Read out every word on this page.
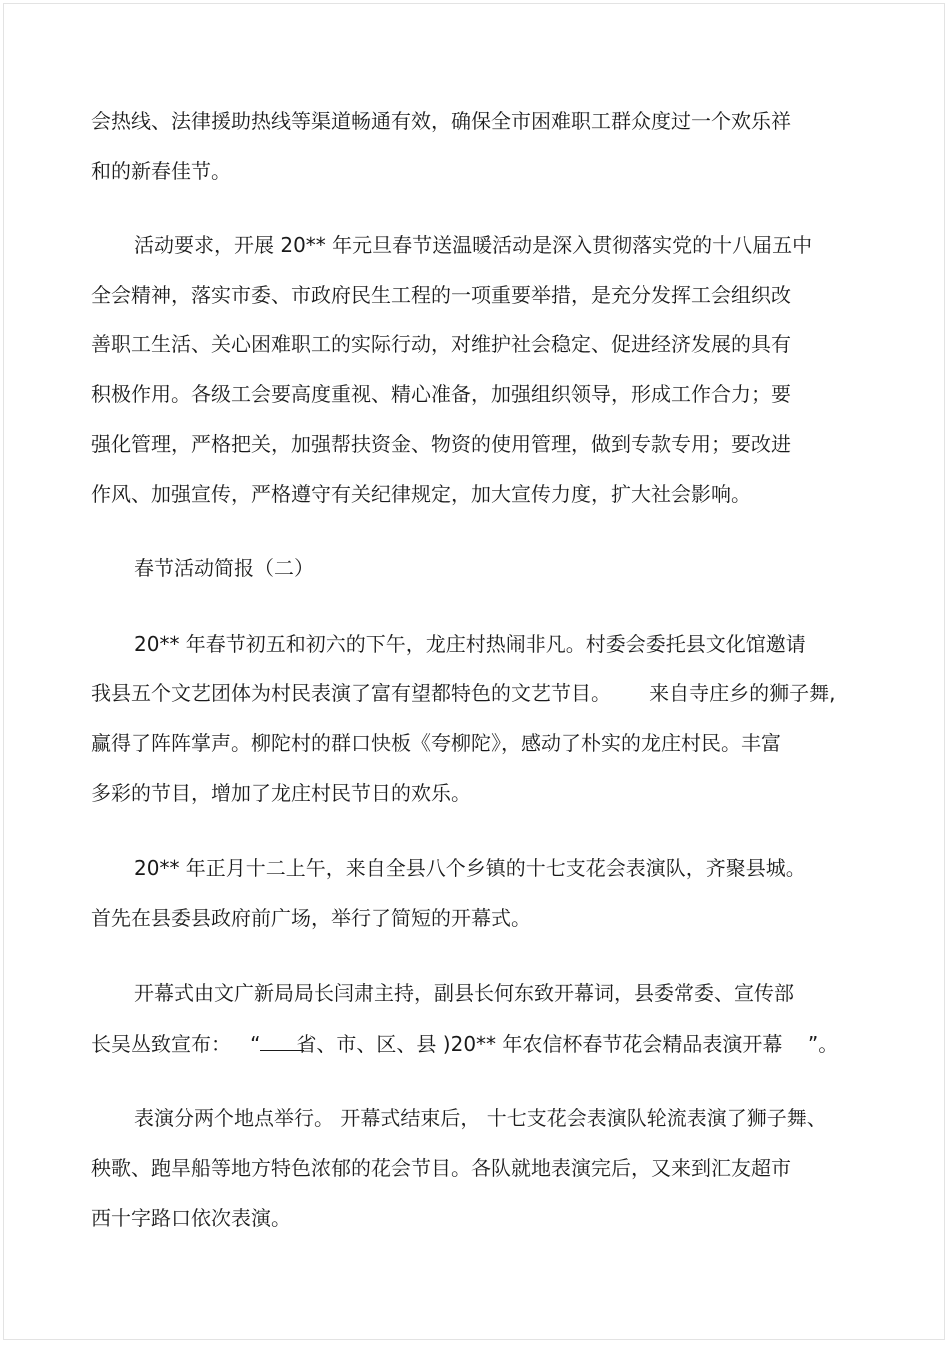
会热线、法律援助热线等渠道畅通有效，确保全市困难职工群众度过一个欢乐祥

和的新春佳节。

活动要求，开展 20** 年元旦春节送温暖活动是深入贯彻落实党的十八届五中

全会精神，落实市委、市政府民生工程的一项重要举措，是充分发挥工会组织改

善职工生活、关心困难职工的实际行动，对维护社会稳定、促进经济发展的具有

积极作用。各级工会要高度重视、精心准备，加强组织领导，形成工作合力；要

强化管理，严格把关，加强帮扶资金、物资的使用管理，做到专款专用；要改进

作风、加强宣传，严格遵守有关纪律规定，加大宣传力度，扩大社会影响。

春节活动简报（二）

20** 年春节初五和初六的下午，龙庄村热闹非凡。村委会委托县文化馆邀请

我县五个文艺团体为村民表演了富有望都特色的文艺节目。      来自寺庄乡的狮子舞,

赢得了阵阵掌声。柳陀村的群口快板《夸柳陀》，感动了朴实的龙庄村民。丰富

多彩的节目，增加了龙庄村民节日的欢乐。

20** 年正月十二上午，来自全县八个乡镇的十七支花会表演队，齐聚县城。

首先在县委县政府前广场，举行了简短的开幕式。

开幕式由文广新局局长闫肃主持，副县长何东致开幕词，县委常委、宣传部

长吴丛致宣布：   “ 省、市、区、县 )20** 年农信杯春节花会精品表演开幕    ”。

表演分两个地点举行。 开幕式结束后， 十七支花会表演队轮流表演了狮子舞、

秧歌、跑旱船等地方特色浓郁的花会节目。各队就地表演完后，又来到汇友超市

西十字路口依次表演。
